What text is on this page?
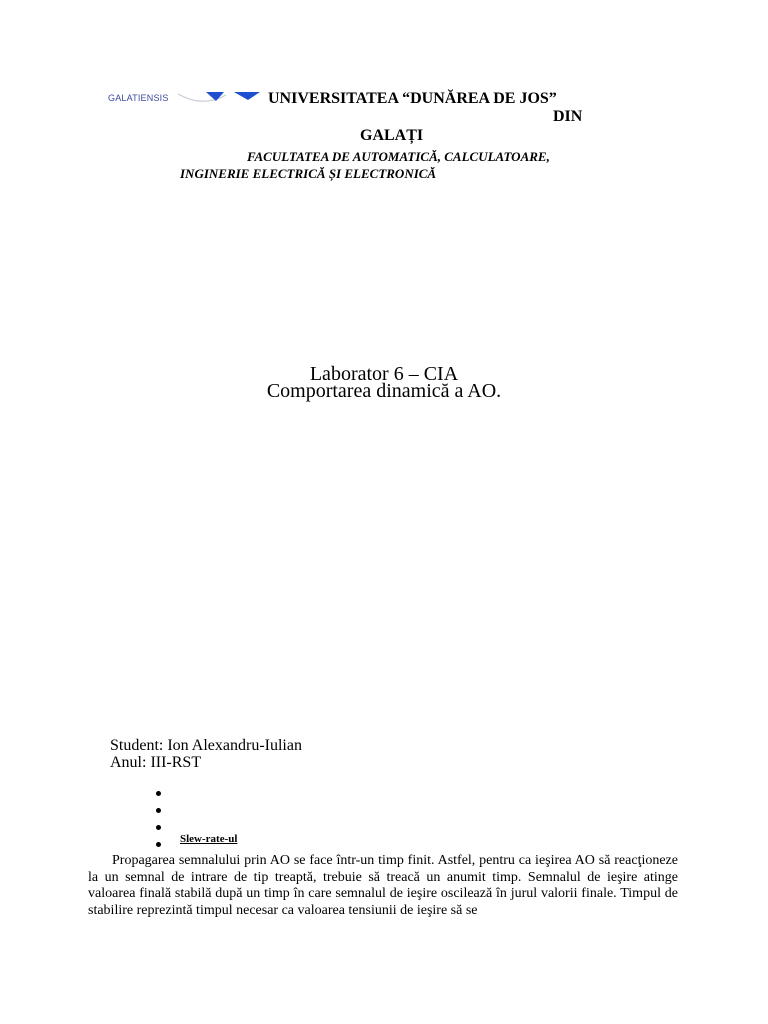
GALATIENSIS	UNIVERSITATEA “DUNĂREA DE JOS”
DIN
GALAȚI
FACULTATEA DE AUTOMATICĂ, CALCULATOARE,
INGINERIE ELECTRICĂ ȘI ELECTRONICĂ
Laborator 6 – CIA
Comportarea dinamică a AO.
Student: Ion Alexandru-Iulian
Anul: III-RST
Slew-rate-ul
Propagarea semnalului prin AO se face într-un timp finit. Astfel, pentru ca ieşirea AO să reacţioneze la un semnal de intrare de tip treaptă, trebuie să treacă un anumit timp. Semnalul de ieşire atinge valoarea finală stabilă după un timp în care semnalul de ieşire oscilează în jurul valorii finale. Timpul de stabilire reprezintă timpul necesar ca valoarea tensiunii de ieşire să se
